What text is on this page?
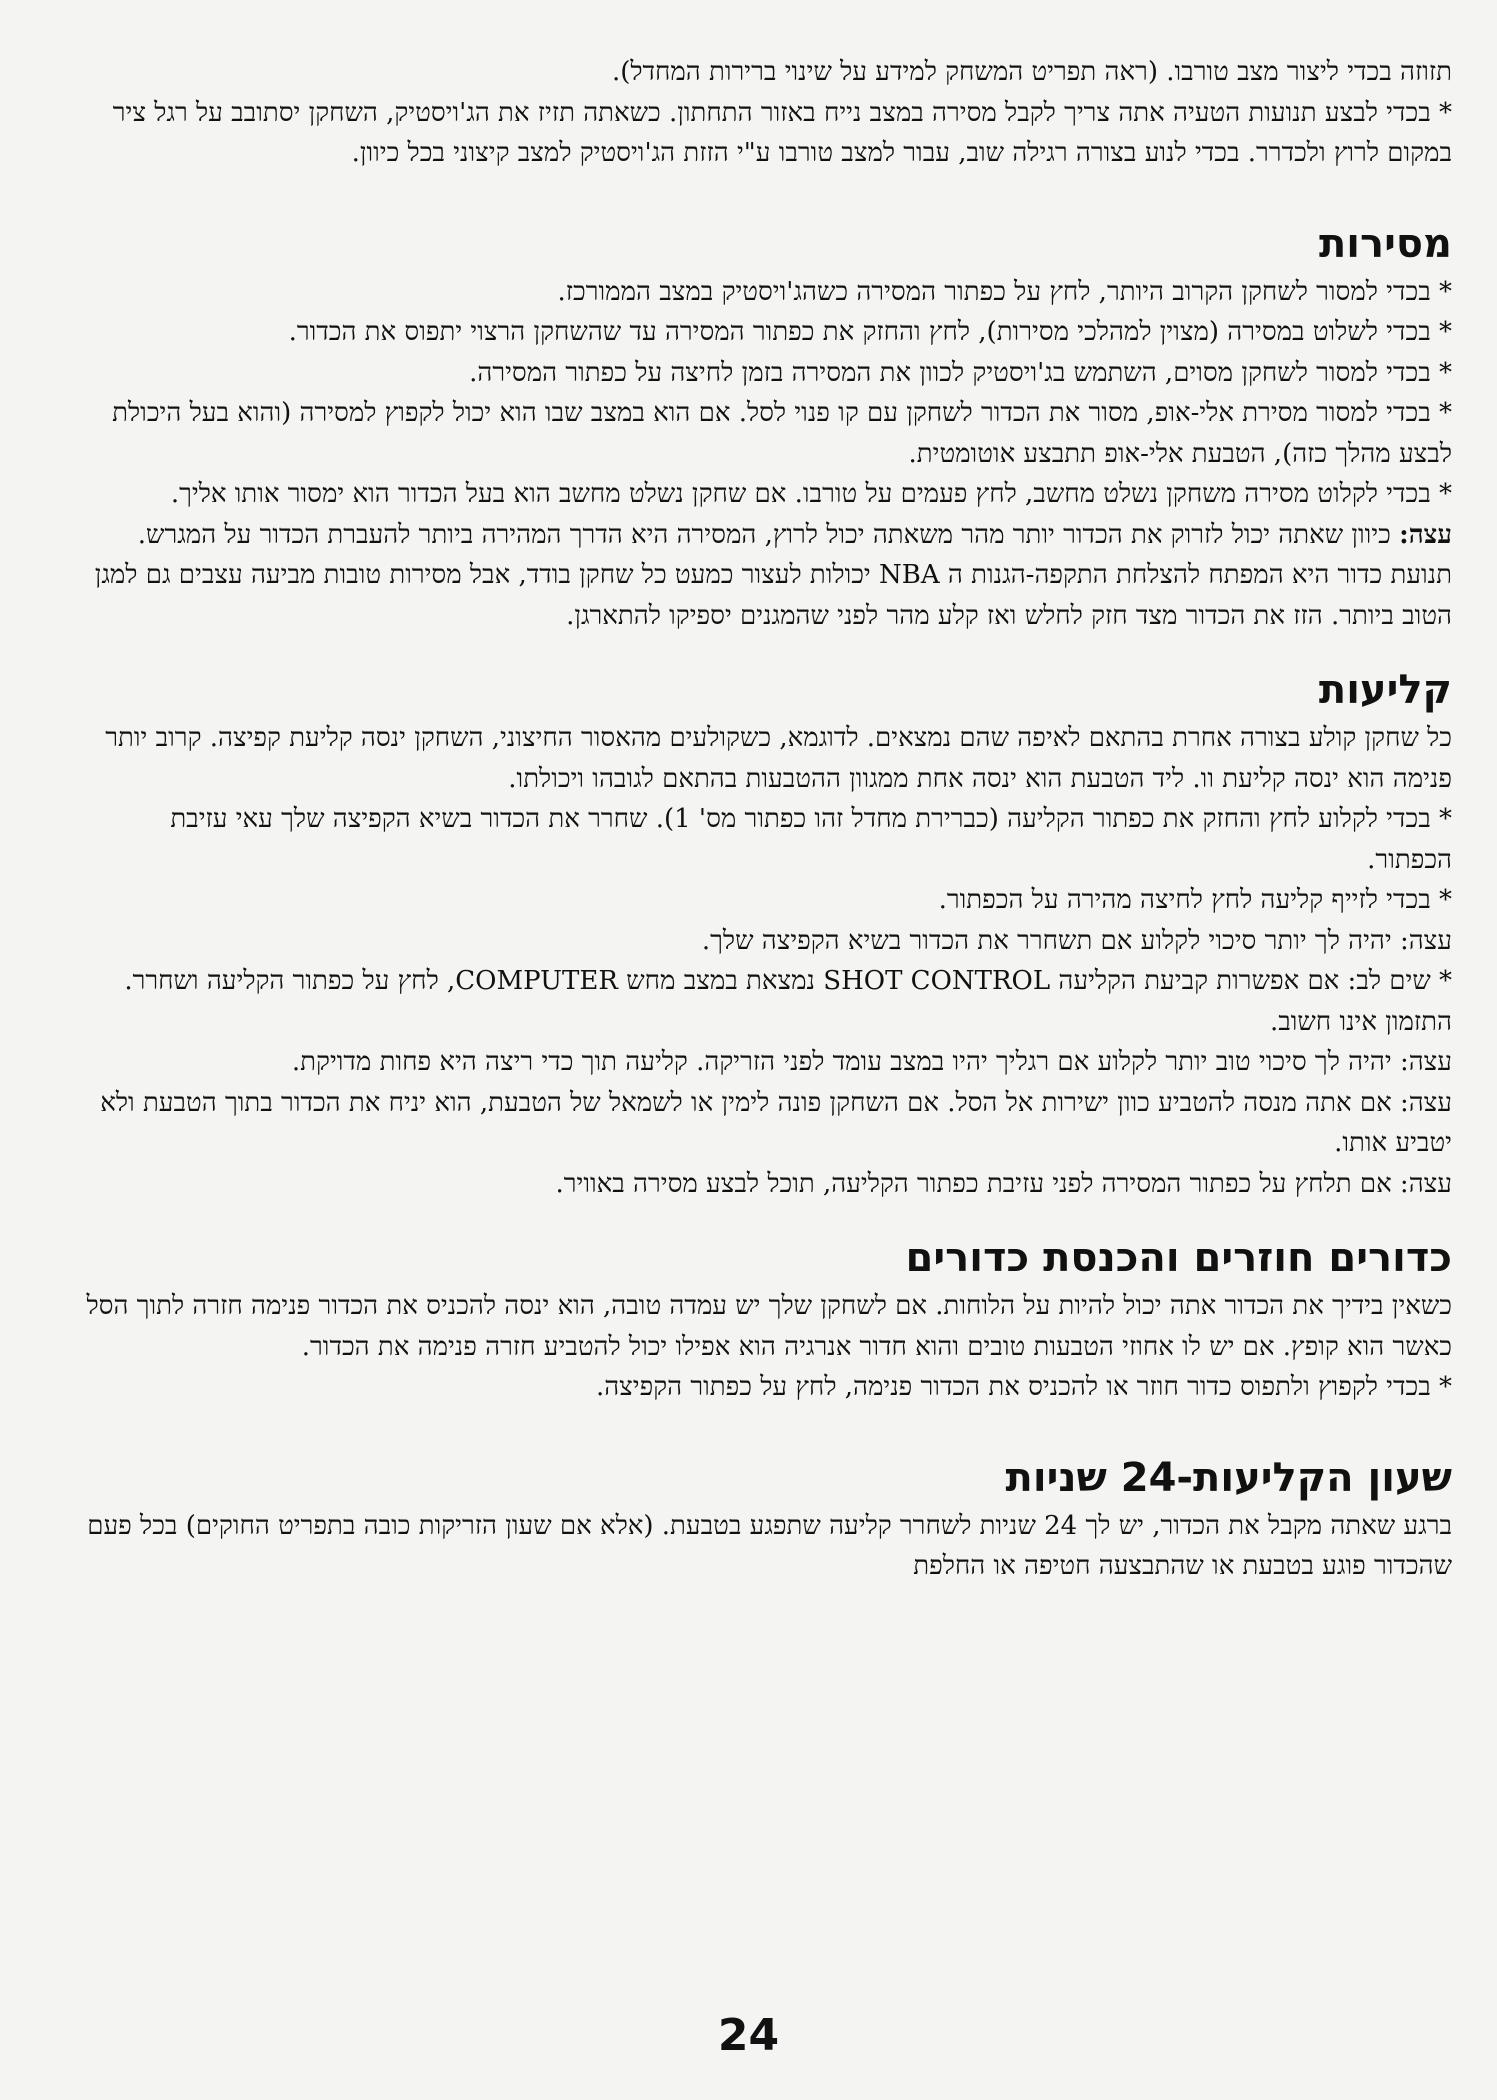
תזוזה בכדי ליצור מצב טורבו. (ראה תפריט המשחק למידע על שינוי ברירות המחדל).

* בכדי לבצע תנועות הטעיה אתה צריך לקבל מסירה במצב נייח באזור התחתון. כשאתה תזיז את הג'ויסטיק, השחקן יסתובב על רגל ציר במקום לרוץ ולכדרר. בכדי לנוע בצורה רגילה שוב, עבור למצב טורבו ע"י הזזת הג'ויסטיק למצב קיצוני בכל כיוון.

מסירות

* בכדי למסור לשחקן הקרוב היותר, לחץ על כפתור המסירה כשהג'ויסטיק במצב הממורכז.

* בכדי לשלוט במסירה (מצוין למהלכי מסירות), לחץ והחזק את כפתור המסירה עד שהשחקן הרצוי יתפוס את הכדור.

* בכדי למסור לשחקן מסוים, השתמש בג'ויסטיק לכוון את המסירה בזמן לחיצה על כפתור המסירה.

* בכדי למסור מסירת אלי-אופ, מסור את הכדור לשחקן עם קו פנוי לסל. אם הוא במצב שבו הוא יכול לקפוץ למסירה (והוא בעל היכולת לבצע מהלך כזה), הטבעת אלי-אופ תתבצע אוטומטית.

* בכדי לקלוט מסירה משחקן נשלט מחשב, לחץ פעמים על טורבו. אם שחקן נשלט מחשב הוא בעל הכדור הוא ימסור אותו אליך.

עצה: כיוון שאתה יכול לזרוק את הכדור יותר מהר משאתה יכול לרוץ, המסירה היא הדרך המהירה ביותר להעברת הכדור על המגרש. תנועת כדור היא המפתח להצלחת התקפה-הגנות ה NBA יכולות לעצור כמעט כל שחקן בודד, אבל מסירות טובות מביעה עצבים גם למגן הטוב ביותר. הזז את הכדור מצד חזק לחלש ואז קלע מהר לפני שהמגנים יספיקו להתארגן.

קליעות

כל שחקן קולע בצורה אחרת בהתאם לאיפה שהם נמצאים. לדוגמא, כשקולעים מהאסור החיצוני, השחקן ינסה קליעת קפיצה. קרוב יותר פנימה הוא ינסה קליעת וו. ליד הטבעת הוא ינסה אחת ממגוון ההטבעות בהתאם לגובהו ויכולתו.

* בכדי לקלוע לחץ והחזק את כפתור הקליעה (כברירת מחדל זהו כפתור מס' 1). שחרר את הכדור בשיא הקפיצה שלך עאי עזיבת הכפתור.

* בכדי לזייף קליעה לחץ לחיצה מהירה על הכפתור.

עצה: יהיה לך יותר סיכוי לקלוע אם תשחרר את הכדור בשיא הקפיצה שלך.

* שים לב: אם אפשרות קביעת הקליעה SHOT CONTROL נמצאת במצב מחש COMPUTER, לחץ על כפתור הקליעה ושחרר. התזמון אינו חשוב.

עצה: יהיה לך סיכוי טוב יותר לקלוע אם רגליך יהיו במצב עומד לפני הזריקה. קליעה תוך כדי ריצה היא פחות מדויקת.

עצה: אם אתה מנסה להטביע כוון ישירות אל הסל. אם השחקן פונה לימין או לשמאל של הטבעת, הוא יניח את הכדור בתוך הטבעת ולא יטביע אותו.

עצה: אם תלחץ על כפתור המסירה לפני עזיבת כפתור הקליעה, תוכל לבצע מסירה באוויר.

כדורים חוזרים והכנסת כדורים

כשאין בידיך את הכדור אתה יכול להיות על הלוחות. אם לשחקן שלך יש עמדה טובה, הוא ינסה להכניס את הכדור פנימה חזרה לתוך הסל כאשר הוא קופץ. אם יש לו אחוזי הטבעות טובים והוא חדור אנרגיה הוא אפילו יכול להטביע חזרה פנימה את הכדור.

* בכדי לקפוץ ולתפוס כדור חוזר או להכניס את הכדור פנימה, לחץ על כפתור הקפיצה.

שעון הקליעות-24 שניות

ברגע שאתה מקבל את הכדור, יש לך 24 שניות לשחרר קליעה שתפגע בטבעת. (אלא אם שעון הזריקות כובה בתפריט החוקים) בכל פעם שהכדור פוגע בטבעת או שהתבצעה חטיפה או החלפת

24
